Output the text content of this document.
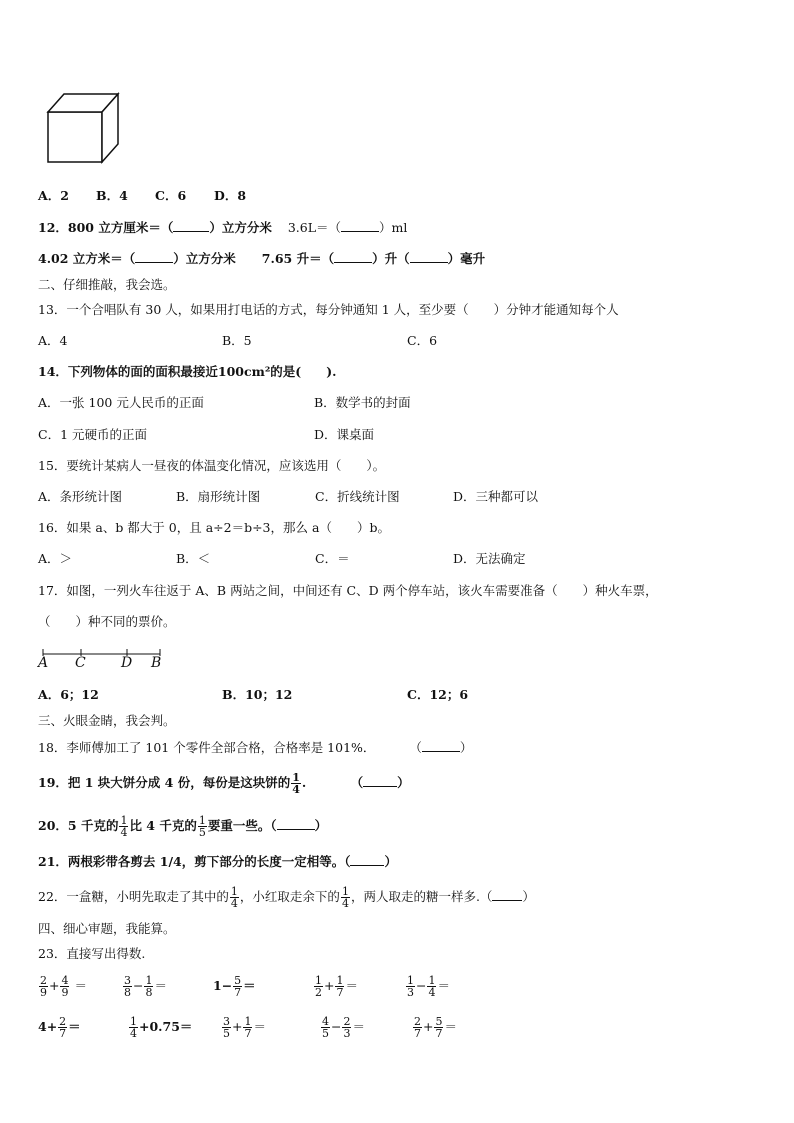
A．2 B．4 C．6 D．8
12．800 立方厘米＝（	）立方分米 3.6L＝（	）ml
4.02 立方米＝（	）立方分米 7.65 升＝（	）升（	）毫升
二、仔细推敲，我会选。
13．一个合唱队有 30 人，如果用打电话的方式，每分钟通知 1 人，至少要（　　）分钟才能通知每个人
A．4	B．5	C．6
14．下列物体的面的面积最接近100cm²的是(　　).
A．一张 100 元人民币的正面	B．数学书的封面
C．1 元硬币的正面	D．课桌面
15．要统计某病人一昼夜的体温变化情况，应该选用（　　）。
A．条形统计图	B．扇形统计图	C．折线统计图	D．三种都可以
16．如果 a、b 都大于 0，且 a÷2＝b÷3，那么 a（　　）b。
A．＞	B．＜	C．＝	D．无法确定
17．如图，一列火车往返于 A、B 两站之间，中间还有 C、D 两个停车站，该火车需要准备（　　）种火车票，
（　　）种不同的票价。
A C	D B
A．6；12	B．10；12	C．12；6
三、火眼金睛，我会判。
18．李师傅加工了 101 个零件全部合格，合格率是 101%．	（	）
19．把 1 块大饼分成 4 份，每份是这块饼的 $\frac{1}{4}$ .	（	）
20．5 千克的 $\frac{1}{4}$ 比 4 千克的 $\frac{1}{5}$ 要重一些。（	）
21．两根彩带各剪去 1/4，剪下部分的长度一定相等。（	）
22．一盒糖，小明先取走了其中的 $\frac{1}{4}$ ，小红取走余下的 $\frac{1}{4}$ ，两人取走的糖一样多.（ ）
四、细心审题，我能算。
23．直接写出得数.
$\frac{2}{9} + \frac{4}{9}$ ＝	$\frac{3}{8} - \frac{1}{8}$ ＝	$1- \frac{5}{7}$ ＝	$\frac{1}{2} + \frac{1}{7}$ ＝	$\frac{1}{3} - \frac{1}{4}$ ＝
$4+ \frac{2}{7}$ ＝	$\frac{1}{4} +0.75=$	$\frac{3}{5} + \frac{1}{7}$ ＝	$\frac{4}{5} - \frac{2}{3}$ ＝	$\frac{2}{7} + \frac{5}{7}$ ＝
